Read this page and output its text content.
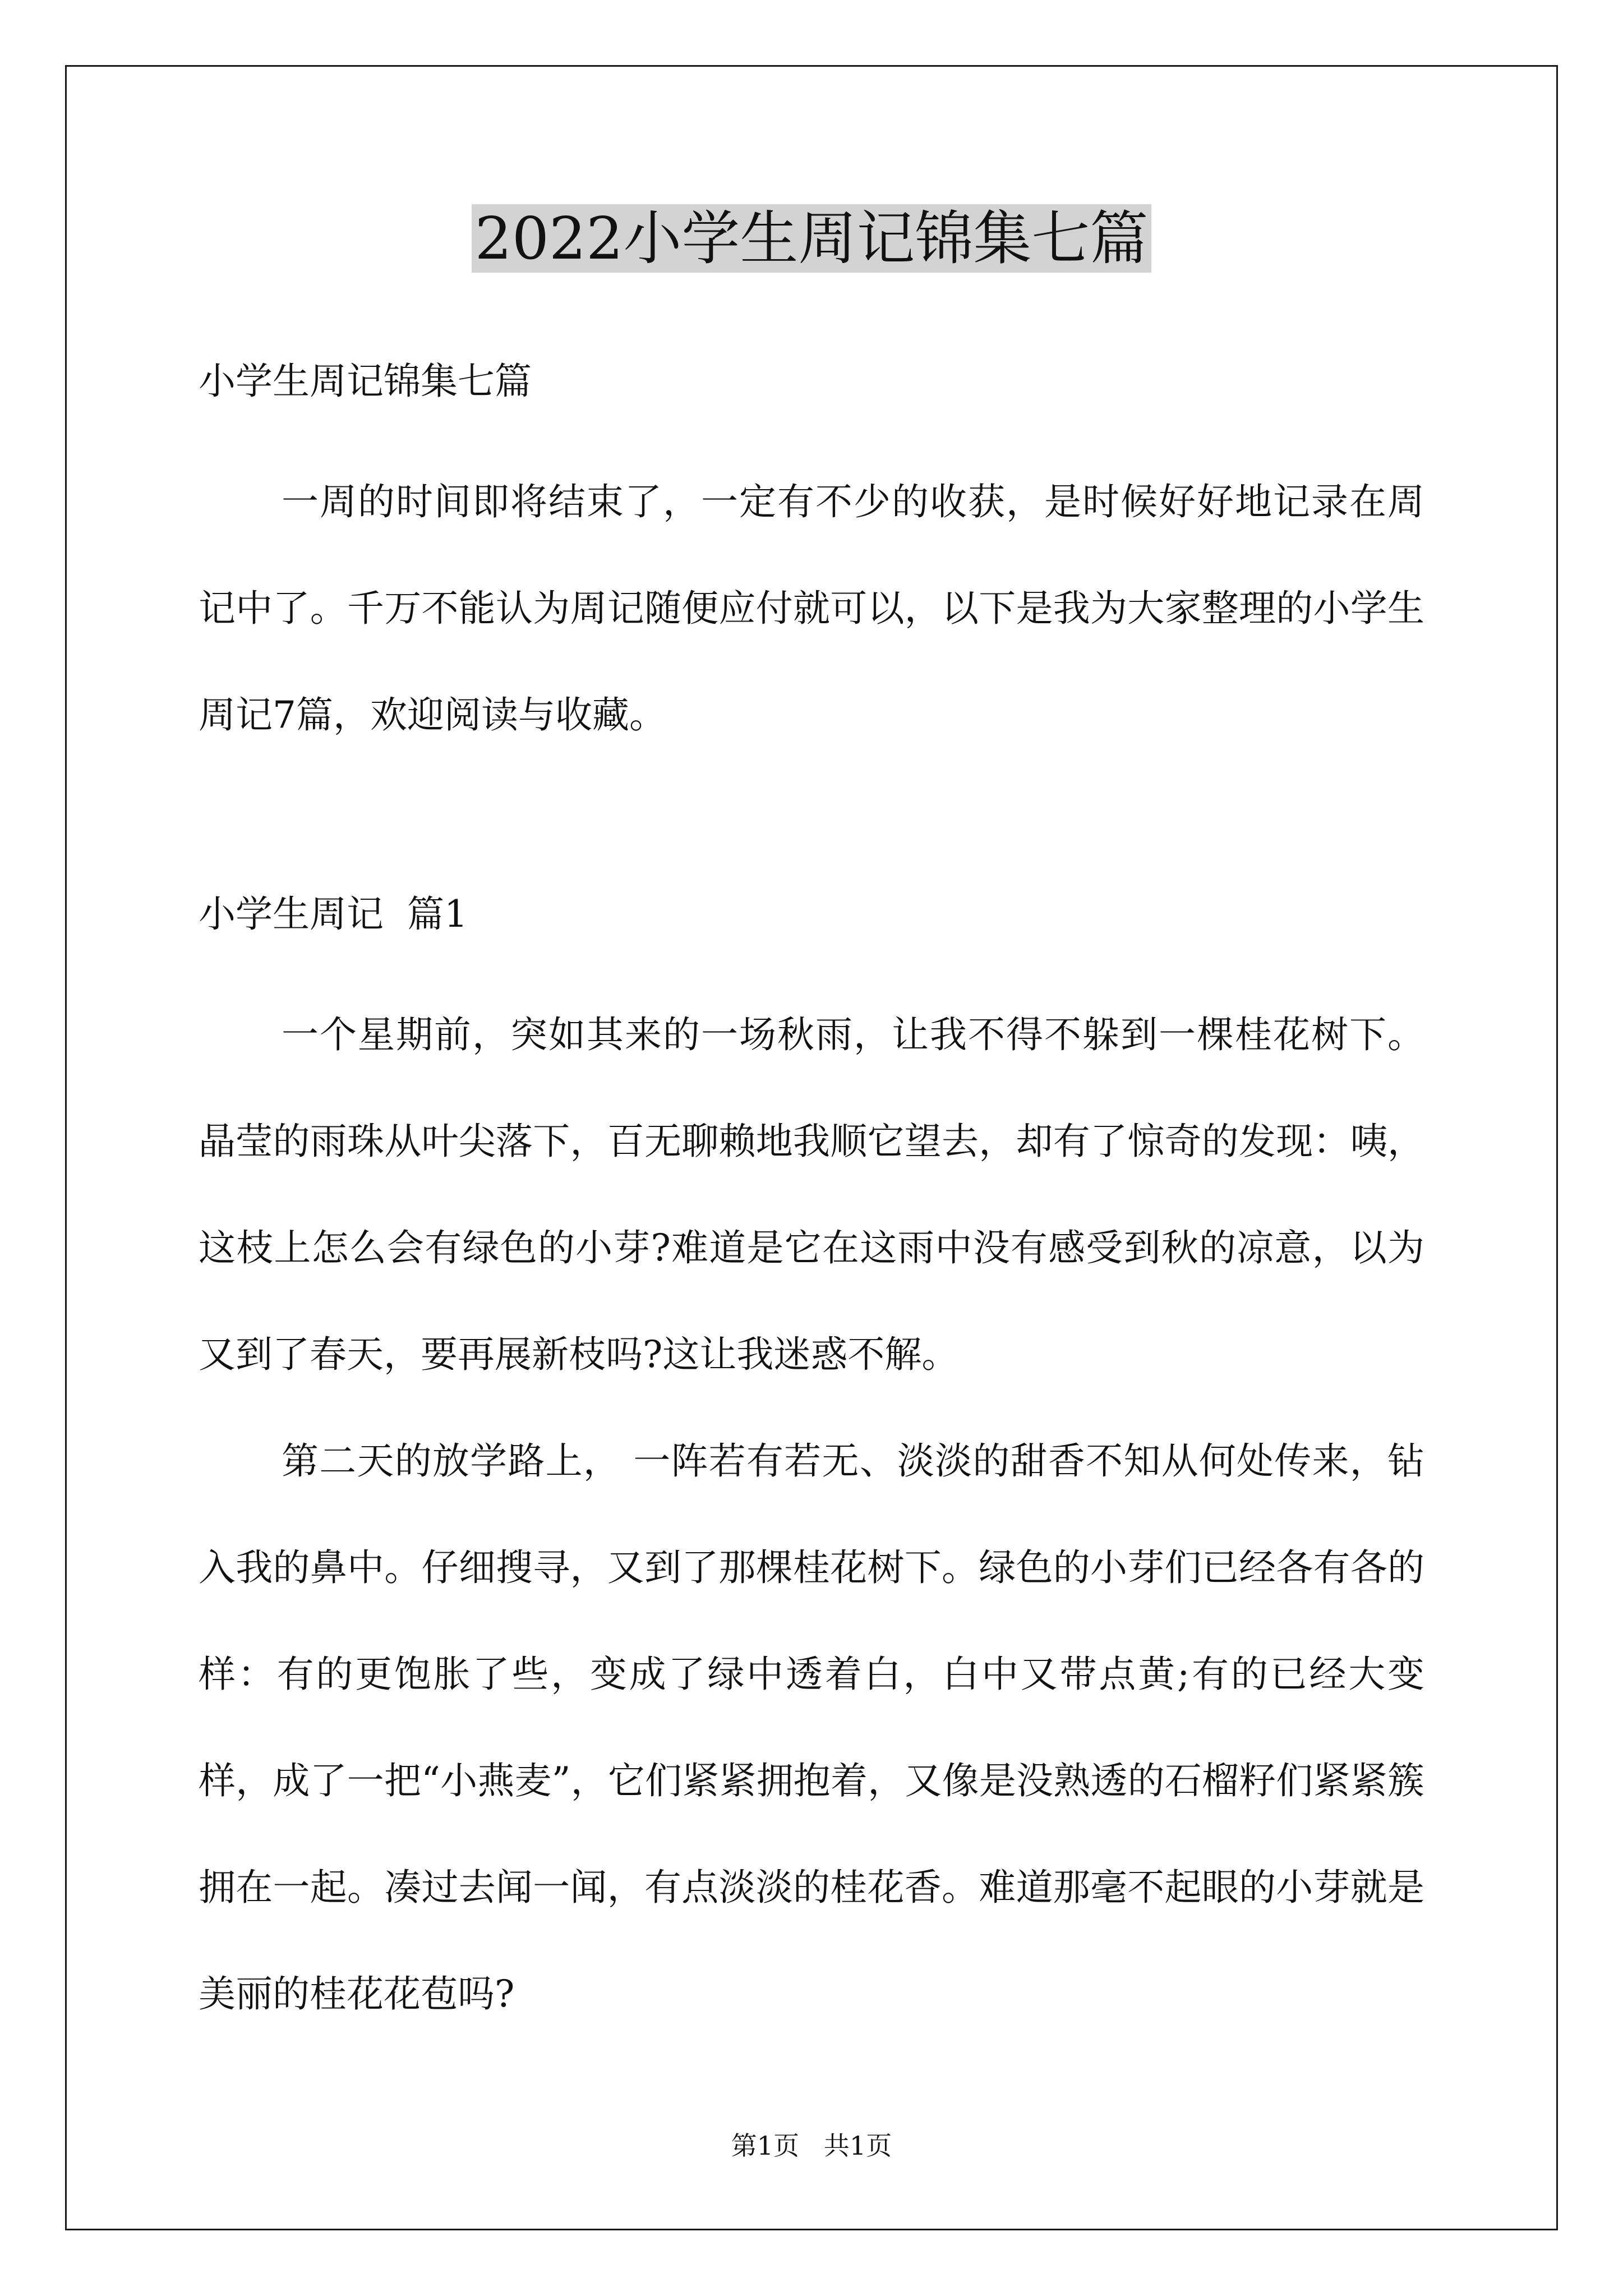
2022小学生周记锦集七篇
小学生周记锦集七篇

一周的时间即将结束了，一定有不少的收获，是时候好好地记录在周记中了。千万不能认为周记随便应付就可以，以下是我为大家整理的小学生周记7篇，欢迎阅读与收藏。

小学生周记  篇1

一个星期前，突如其来的一场秋雨，让我不得不躲到一棵桂花树下。晶莹的雨珠从叶尖落下，百无聊赖地我顺它望去，却有了惊奇的发现：咦，这枝上怎么会有绿色的小芽?难道是它在这雨中没有感受到秋的凉意，以为又到了春天，要再展新枝吗?这让我迷惑不解。

第二天的放学路上， 一阵若有若无、淡淡的甜香不知从何处传来，钻入我的鼻中。仔细搜寻，又到了那棵桂花树下。绿色的小芽们已经各有各的样：有的更饱胀了些，变成了绿中透着白，白中又带点黄;有的已经大变样，成了一把“小燕麦”，它们紧紧拥抱着，又像是没熟透的石榴籽们紧紧簇拥在一起。凑过去闻一闻，有点淡淡的桂花香。难道那毫不起眼的小芽就是美丽的桂花花苞吗?

第1页   共1页
